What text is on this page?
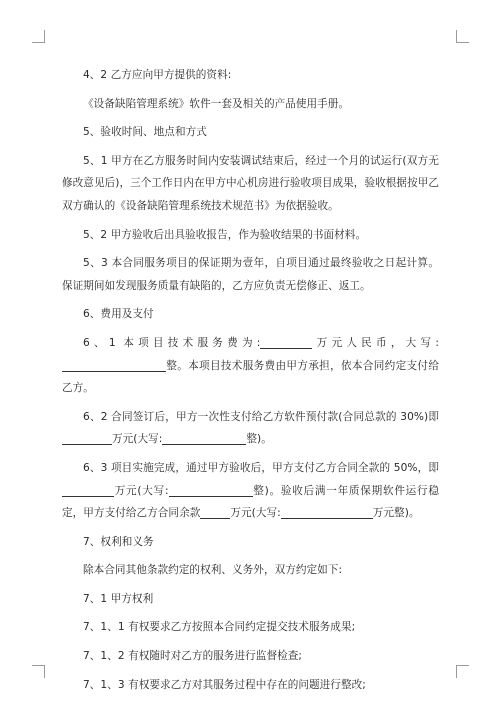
4、2 乙方应向甲方提供的资料:

《设备缺陷管理系统》软件一套及相关的产品使用手册。

5、验收时间、地点和方式

5、1 甲方在乙方服务时间内安装调试结束后，经过一个月的试运行(双方无修改意见后)，三个工作日内在甲方中心机房进行验收项目成果，验收根据按甲乙双方确认的《设备缺陷管理系统技术规范书》为依据验收。

5、2 甲方验收后出具验收报告，作为验收结果的书面材料。

5、3 本合同服务项目的保证期为壹年，自项目通过最终验收之日起计算。保证期间如发现服务质量有缺陷的，乙方应负责无偿修正、返工。

6、费用及支付

6、1 本项目技术服务费为:	万元人民币，大写:整。本项目技术服务费由甲方承担，依本合同约定支付给乙方。

6、2 合同签订后，甲方一次性支付给乙方软件预付款(合同总款的 30%)即万元(大写:	整)。

6、3 项目实施完成，通过甲方验收后，甲方支付乙方合同全款的 50%，即万元(大写:	整)。验收后满一年质保期软件运行稳定，甲方支付给乙方合同余款	万元(大写:	万元整)。

7、权利和义务

除本合同其他条款约定的权利、义务外，双方约定如下:

7、1 甲方权利

7、1、1 有权要求乙方按照本合同约定提交技术服务成果;

7、1、2 有权随时对乙方的服务进行监督检查;

7、1、3 有权要求乙方对其服务过程中存在的问题进行整改;
